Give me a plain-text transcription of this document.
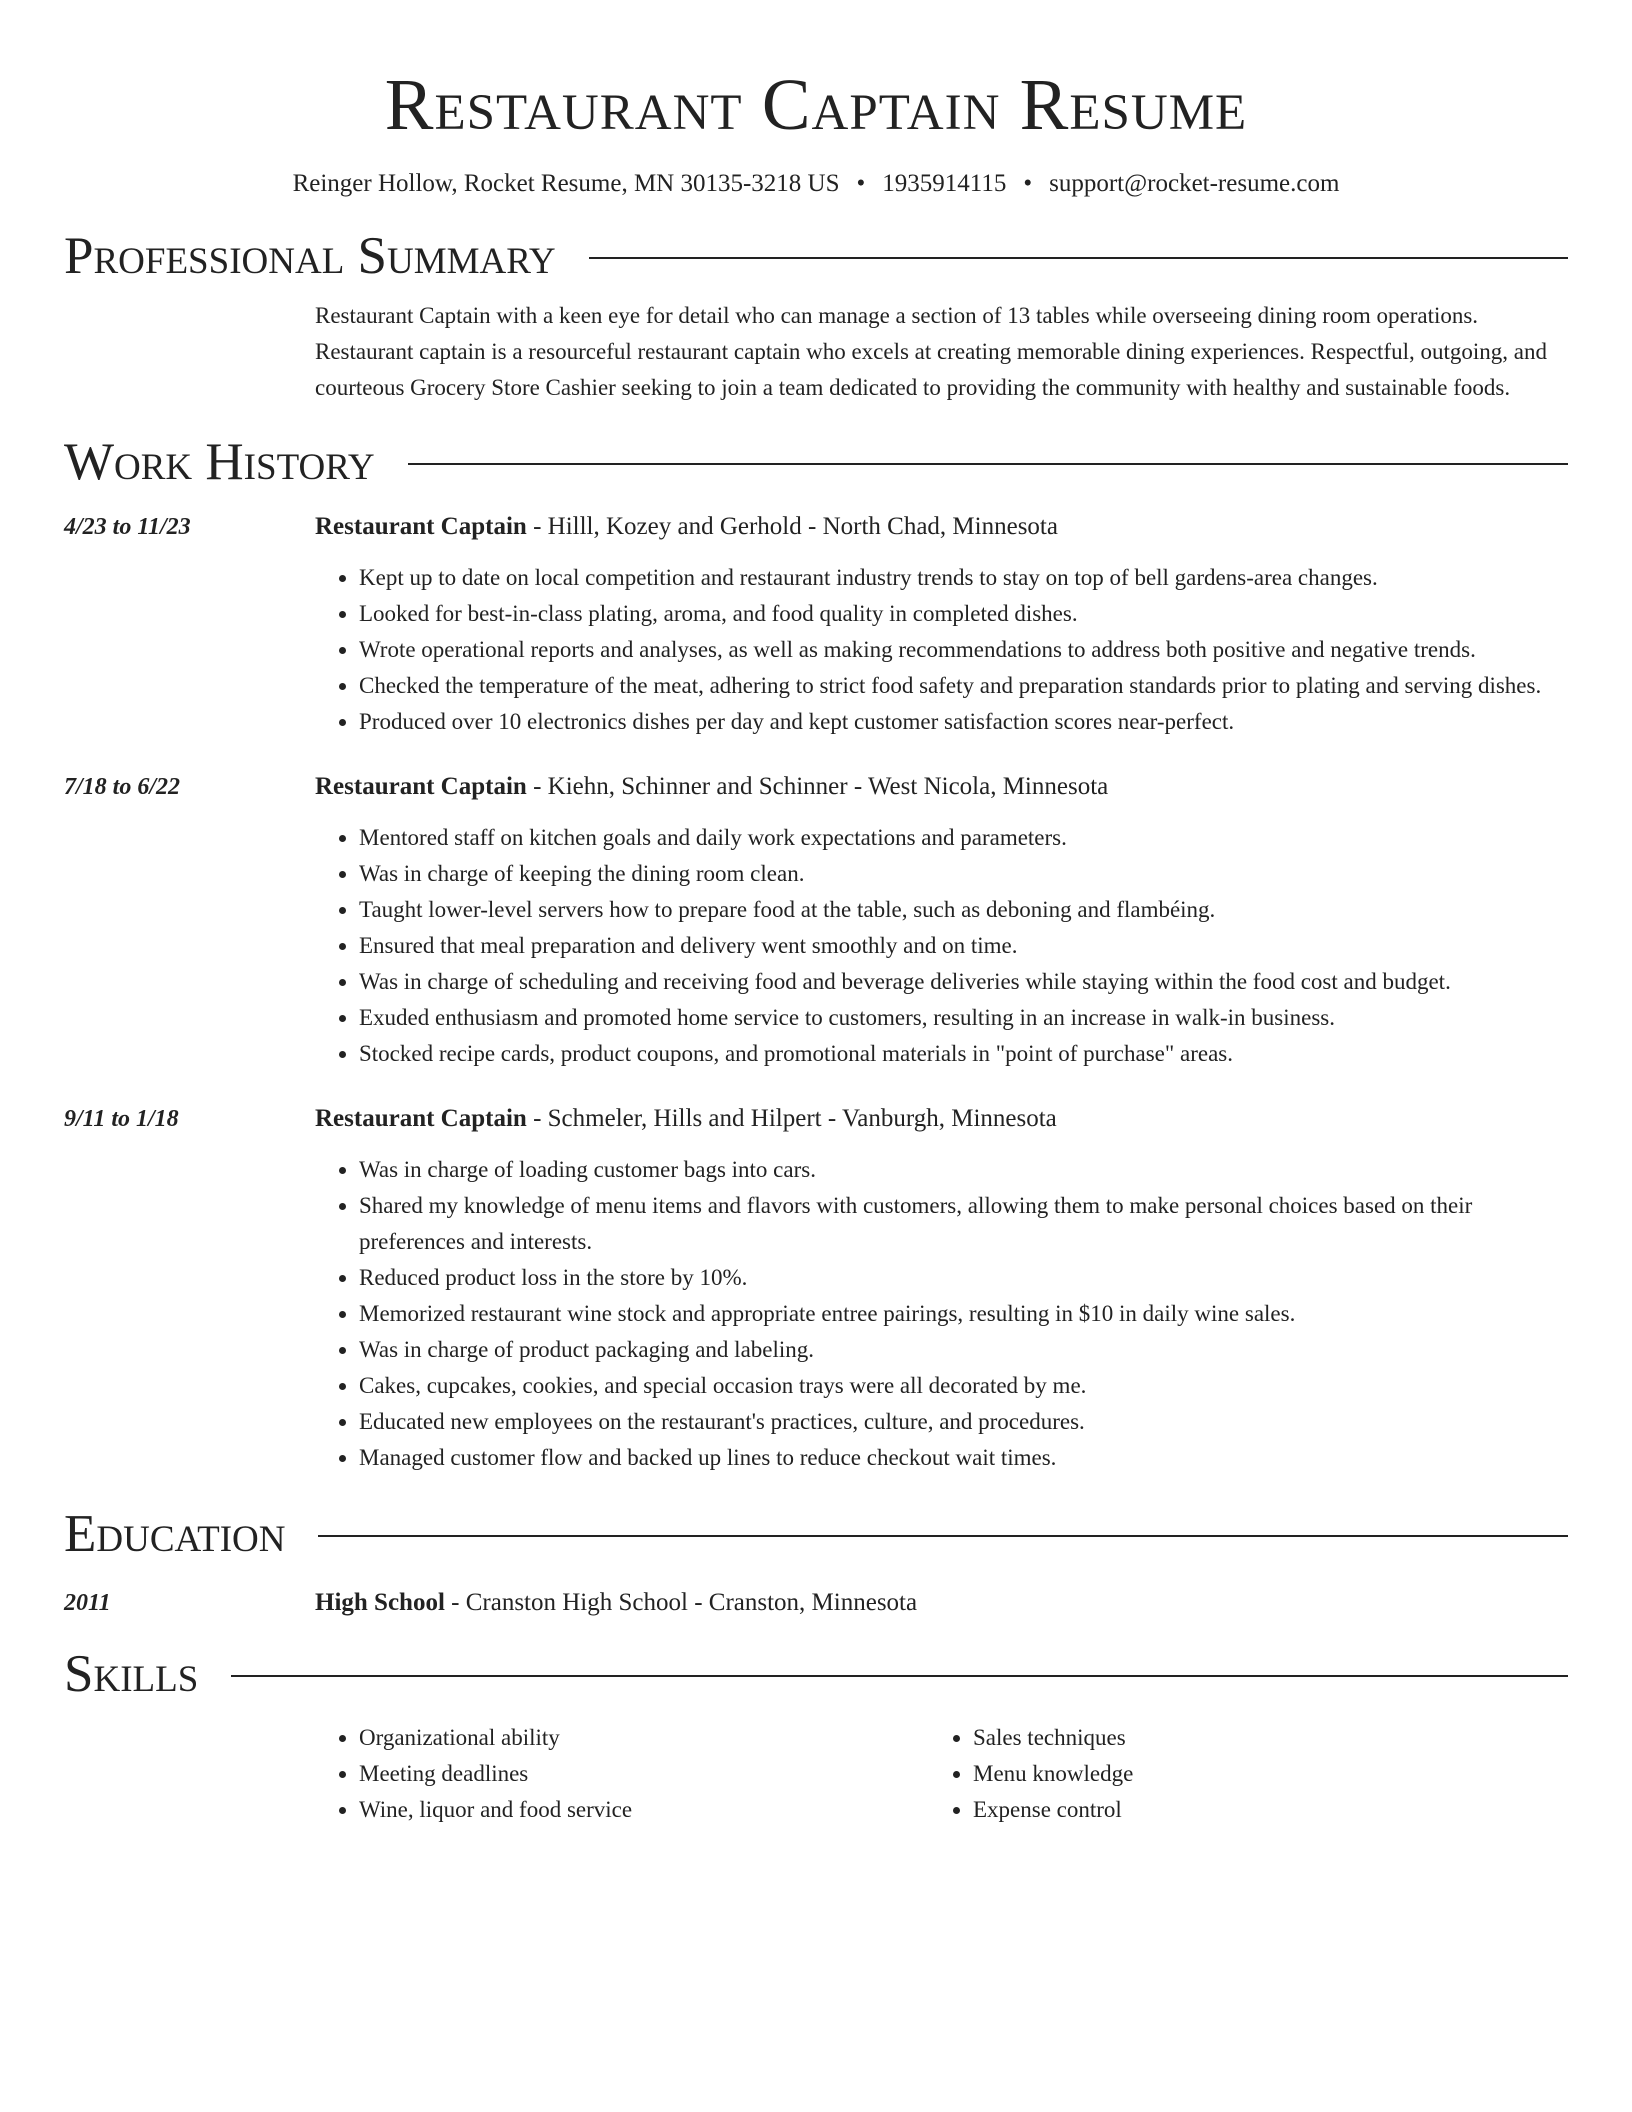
Restaurant Captain Resume
Reinger Hollow, Rocket Resume, MN 30135-3218 US • 1935914115 • support@rocket-resume.com
Professional Summary
Restaurant Captain with a keen eye for detail who can manage a section of 13 tables while overseeing dining room operations. Restaurant captain is a resourceful restaurant captain who excels at creating memorable dining experiences. Respectful, outgoing, and courteous Grocery Store Cashier seeking to join a team dedicated to providing the community with healthy and sustainable foods.
Work History
4/23 to 11/23	Restaurant Captain - Hilll, Kozey and Gerhold - North Chad, Minnesota
• Kept up to date on local competition and restaurant industry trends to stay on top of bell gardens-area changes.
• Looked for best-in-class plating, aroma, and food quality in completed dishes.
• Wrote operational reports and analyses, as well as making recommendations to address both positive and negative trends.
• Checked the temperature of the meat, adhering to strict food safety and preparation standards prior to plating and serving dishes.
• Produced over 10 electronics dishes per day and kept customer satisfaction scores near-perfect.
7/18 to 6/22	Restaurant Captain - Kiehn, Schinner and Schinner - West Nicola, Minnesota
• Mentored staff on kitchen goals and daily work expectations and parameters.
• Was in charge of keeping the dining room clean.
• Taught lower-level servers how to prepare food at the table, such as deboning and flambéing.
• Ensured that meal preparation and delivery went smoothly and on time.
• Was in charge of scheduling and receiving food and beverage deliveries while staying within the food cost and budget.
• Exuded enthusiasm and promoted home service to customers, resulting in an increase in walk-in business.
• Stocked recipe cards, product coupons, and promotional materials in "point of purchase" areas.
9/11 to 1/18	Restaurant Captain - Schmeler, Hills and Hilpert - Vanburgh, Minnesota
• Was in charge of loading customer bags into cars.
• Shared my knowledge of menu items and flavors with customers, allowing them to make personal choices based on their preferences and interests.
• Reduced product loss in the store by 10%.
• Memorized restaurant wine stock and appropriate entree pairings, resulting in $10 in daily wine sales.
• Was in charge of product packaging and labeling.
• Cakes, cupcakes, cookies, and special occasion trays were all decorated by me.
• Educated new employees on the restaurant's practices, culture, and procedures.
• Managed customer flow and backed up lines to reduce checkout wait times.
Education
2011	High School - Cranston High School - Cranston, Minnesota
Skills
• Organizational ability
• Meeting deadlines
• Wine, liquor and food service
• Sales techniques
• Menu knowledge
• Expense control
